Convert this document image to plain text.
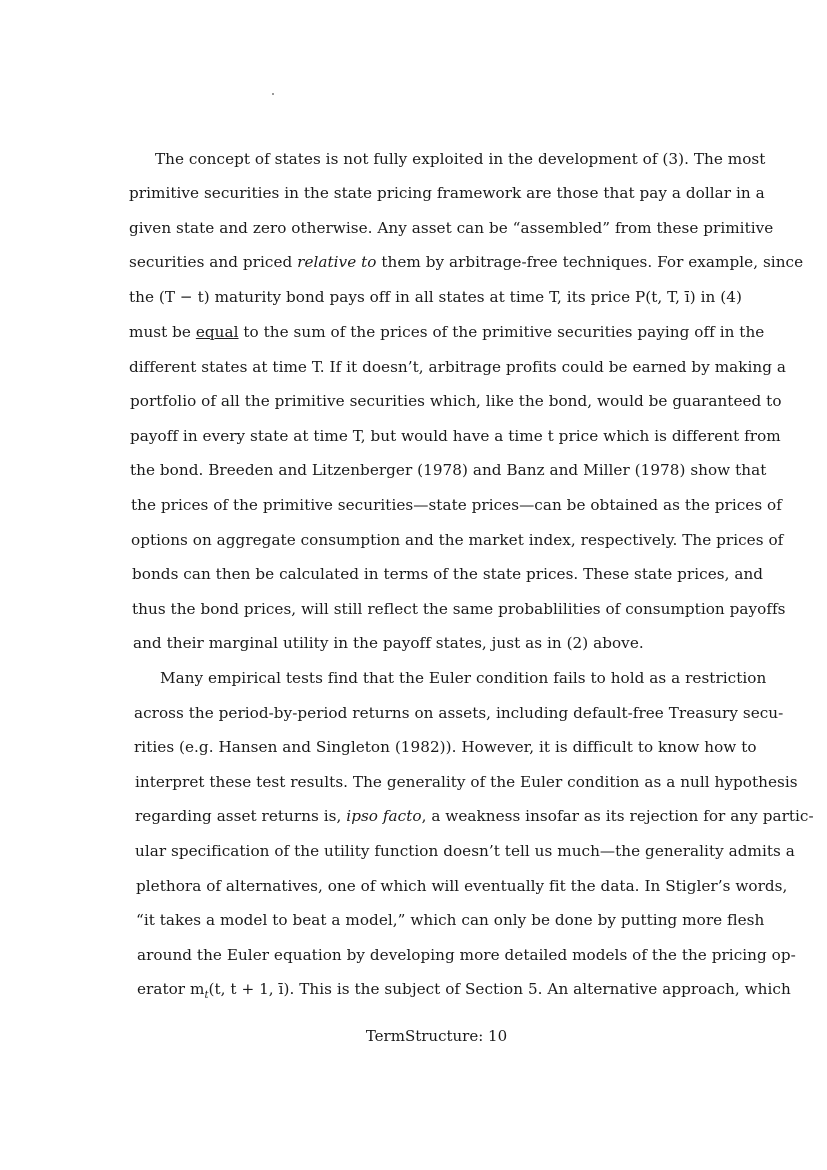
The concept of states is not fully exploited in the development of (3). The most
primitive securities in the state pricing framework are those that pay a dollar in a
given state and zero otherwise. Any asset can be “assembled” from these primitive
securities and priced relative to them by arbitrage-free techniques. For example, since
the (T − t) maturity bond pays off in all states at time T, its price P(t, T, ī) in (4)
must be equal to the sum of the prices of the primitive securities paying off in the
different states at time T. If it doesn’t, arbitrage profits could be earned by making a
portfolio of all the primitive securities which, like the bond, would be guaranteed to
payoff in every state at time T, but would have a time t price which is different from
the bond. Breeden and Litzenberger (1978) and Banz and Miller (1978) show that
the prices of the primitive securities—state prices—can be obtained as the prices of
options on aggregate consumption and the market index, respectively. The prices of
bonds can then be calculated in terms of the state prices. These state prices, and
thus the bond prices, will still reflect the same probablilities of consumption payoffs
and their marginal utility in the payoff states, just as in (2) above.
Many empirical tests find that the Euler condition fails to hold as a restriction
across the period-by-period returns on assets, including default-free Treasury secu-
rities (e.g. Hansen and Singleton (1982)). However, it is difficult to know how to
interpret these test results. The generality of the Euler condition as a null hypothesis
regarding asset returns is, ipso facto, a weakness insofar as its rejection for any partic-
ular specification of the utility function doesn’t tell us much—the generality admits a
plethora of alternatives, one of which will eventually fit the data. In Stigler’s words,
“it takes a model to beat a model,” which can only be done by putting more flesh
around the Euler equation by developing more detailed models of the the pricing op-
erator $m_t(t$, t + 1, ī). This is the subject of Section 5. An alternative approach, which
TermStructure: 10
